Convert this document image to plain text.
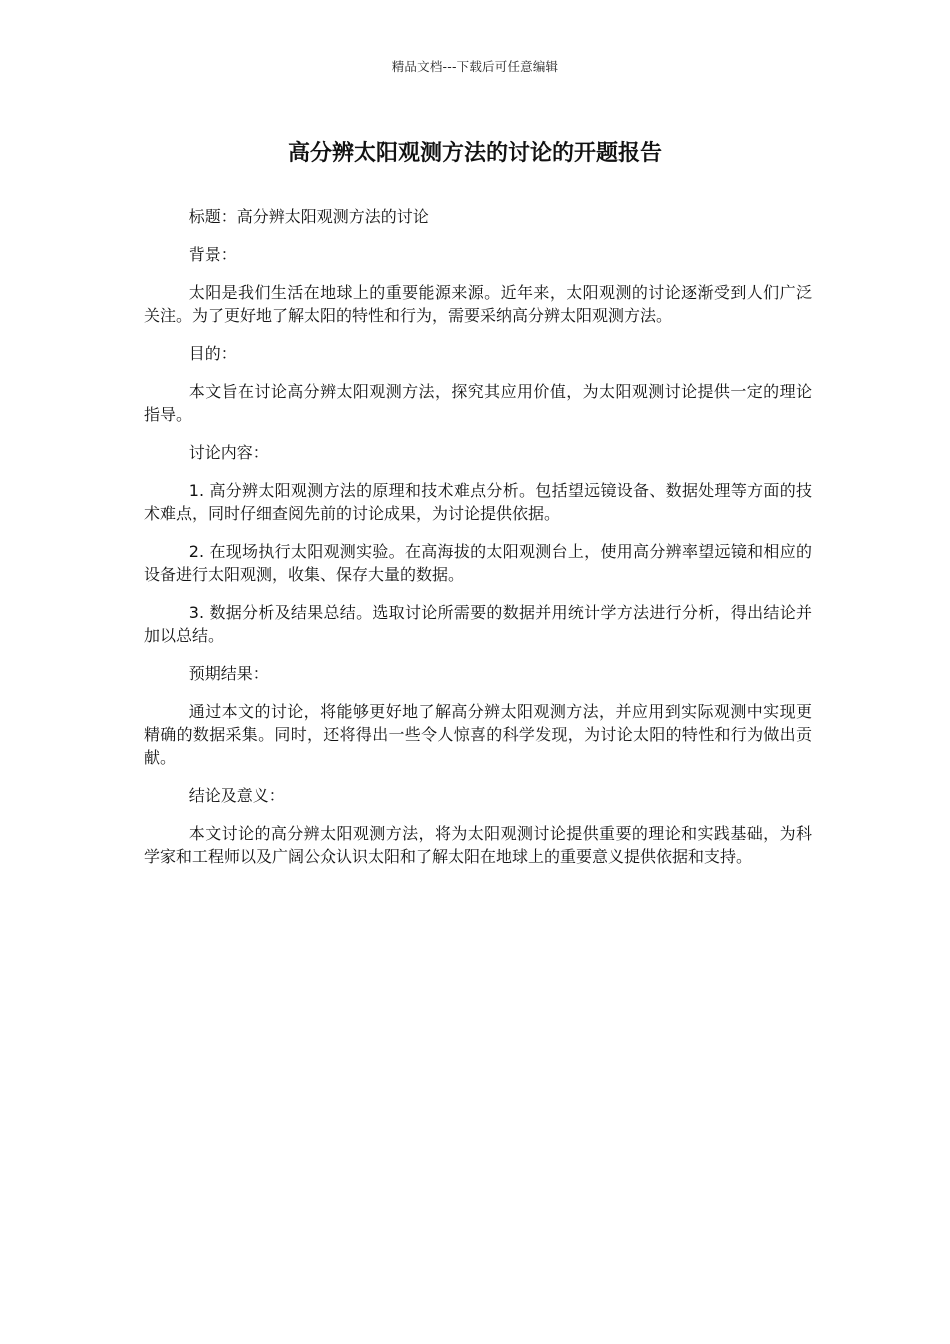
精品文档---下载后可任意编辑
高分辨太阳观测方法的讨论的开题报告

标题：高分辨太阳观测方法的讨论

背景：

太阳是我们生活在地球上的重要能源来源。近年来，太阳观测的讨论逐渐受到人们广泛关注。为了更好地了解太阳的特性和行为，需要采纳高分辨太阳观测方法。

目的：

本文旨在讨论高分辨太阳观测方法，探究其应用价值，为太阳观测讨论提供一定的理论指导。

讨论内容：

1. 高分辨太阳观测方法的原理和技术难点分析。包括望远镜设备、数据处理等方面的技术难点，同时仔细查阅先前的讨论成果，为讨论提供依据。

2. 在现场执行太阳观测实验。在高海拔的太阳观测台上，使用高分辨率望远镜和相应的设备进行太阳观测，收集、保存大量的数据。

3. 数据分析及结果总结。选取讨论所需要的数据并用统计学方法进行分析，得出结论并加以总结。

预期结果：

通过本文的讨论，将能够更好地了解高分辨太阳观测方法，并应用到实际观测中实现更精确的数据采集。同时，还将得出一些令人惊喜的科学发现，为讨论太阳的特性和行为做出贡献。

结论及意义：

本文讨论的高分辨太阳观测方法，将为太阳观测讨论提供重要的理论和实践基础，为科学家和工程师以及广阔公众认识太阳和了解太阳在地球上的重要意义提供依据和支持。
